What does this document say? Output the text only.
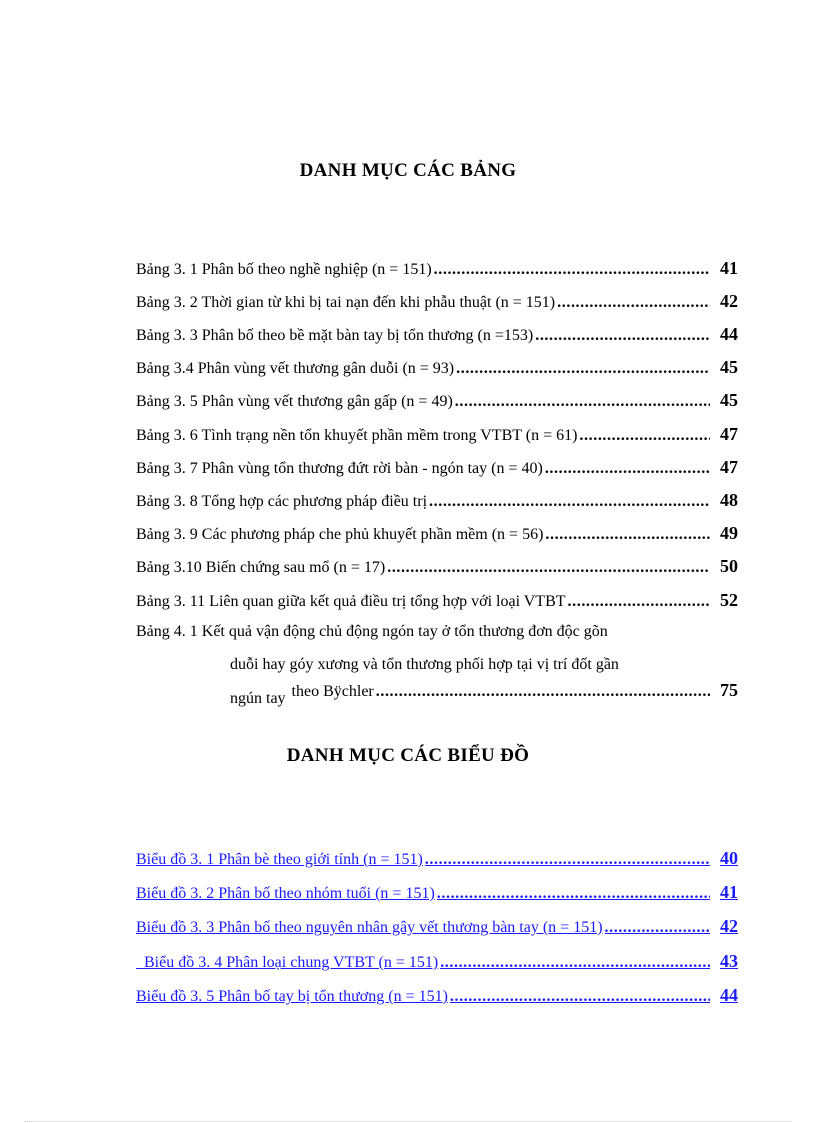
DANH MỤC CÁC BẢNG
Bảng 3. 1 Phân bố theo nghề nghiệp (n = 151) .....	41
Bảng 3. 2 Thời gian từ khi bị tai nạn đến khi phẫu thuật (n = 151) .....	42
Bảng 3. 3 Phân bố theo bề mặt bàn tay bị tổn thương (n =153) .....	44
Bảng 3.4 Phân vùng vết thương gân duỗi (n = 93) .....	45
Bảng 3. 5 Phân vùng vết thương gân gấp (n = 49) .....	45
Bảng 3. 6 Tình trạng nền tổn khuyết phần mềm trong VTBT (n = 61) .....	47
Bảng 3. 7 Phân vùng tổn thương đứt rời bàn - ngón tay (n = 40) .....	47
Bảng 3. 8 Tổng hợp các phương pháp điều trị .....	48
Bảng 3. 9 Các phương pháp che phủ khuyết phần mềm (n = 56) .....	49
Bảng 3.10 Biến chứng sau mổ (n = 17) .....	50
Bảng 3. 11 Liên quan giữa kết quả điều trị tổng hợp với loại VTBT .....	52
Bảng 4. 1 Kết quả vận động chủ động ngón tay ở tổn thương đơn độc gõn
duỗi hay góy xương và tổn thương phối hợp tại vị trí đốt gần
ngún tay theo Bÿchler .....	75
DANH MỤC CÁC BIỂU ĐỒ
Biểu đồ 3. 1 Phân bè theo giới tính (n = 151) .....	40
Biểu đồ 3. 2 Phân bố theo nhóm tuổi (n = 151) .....	41
Biểu đồ 3. 3 Phân bố theo nguyên nhân gây vết thương bàn tay (n = 151) .....	42
Biểu đồ 3. 4 Phân loại chung VTBT (n = 151) .....	43
Biểu đồ 3. 5 Phân bố tay bị tổn thương (n = 151) .....	44
